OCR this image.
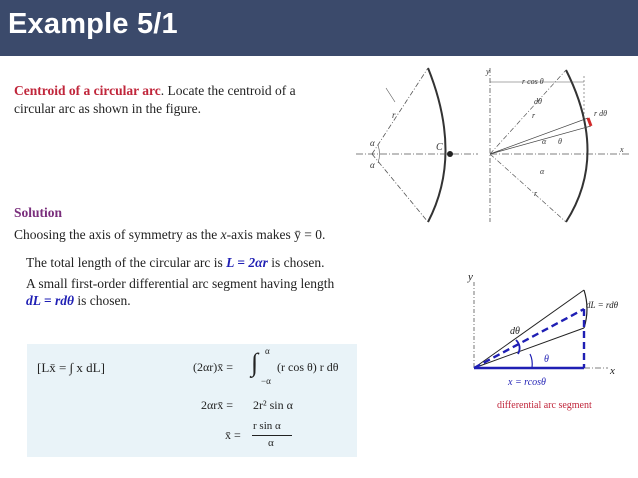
Example 5/1
Centroid of a circular arc. Locate the centroid of a
circular arc as shown in the figure.
Solution
Choosing the axis of symmetry as the x-axis makes ȳ = 0.
The total length of the circular arc is L = 2αr is chosen.
A small first-order differential arc segment having length
dL = rdθ is chosen.
[Lx̄ = ∫ x dL]	(2αr)x̄ = ∫ α
−α
(r cos θ) r dθ
2αrx̄ = 2r² sin α
x̄ =
r sin α
α
r
α
α
C
y
r cos θ
dθ
r dθ
r
α θ
x
α
r
y
dL = rdθ
dθ
θ
x
x = rcosθ
differential arc segment
